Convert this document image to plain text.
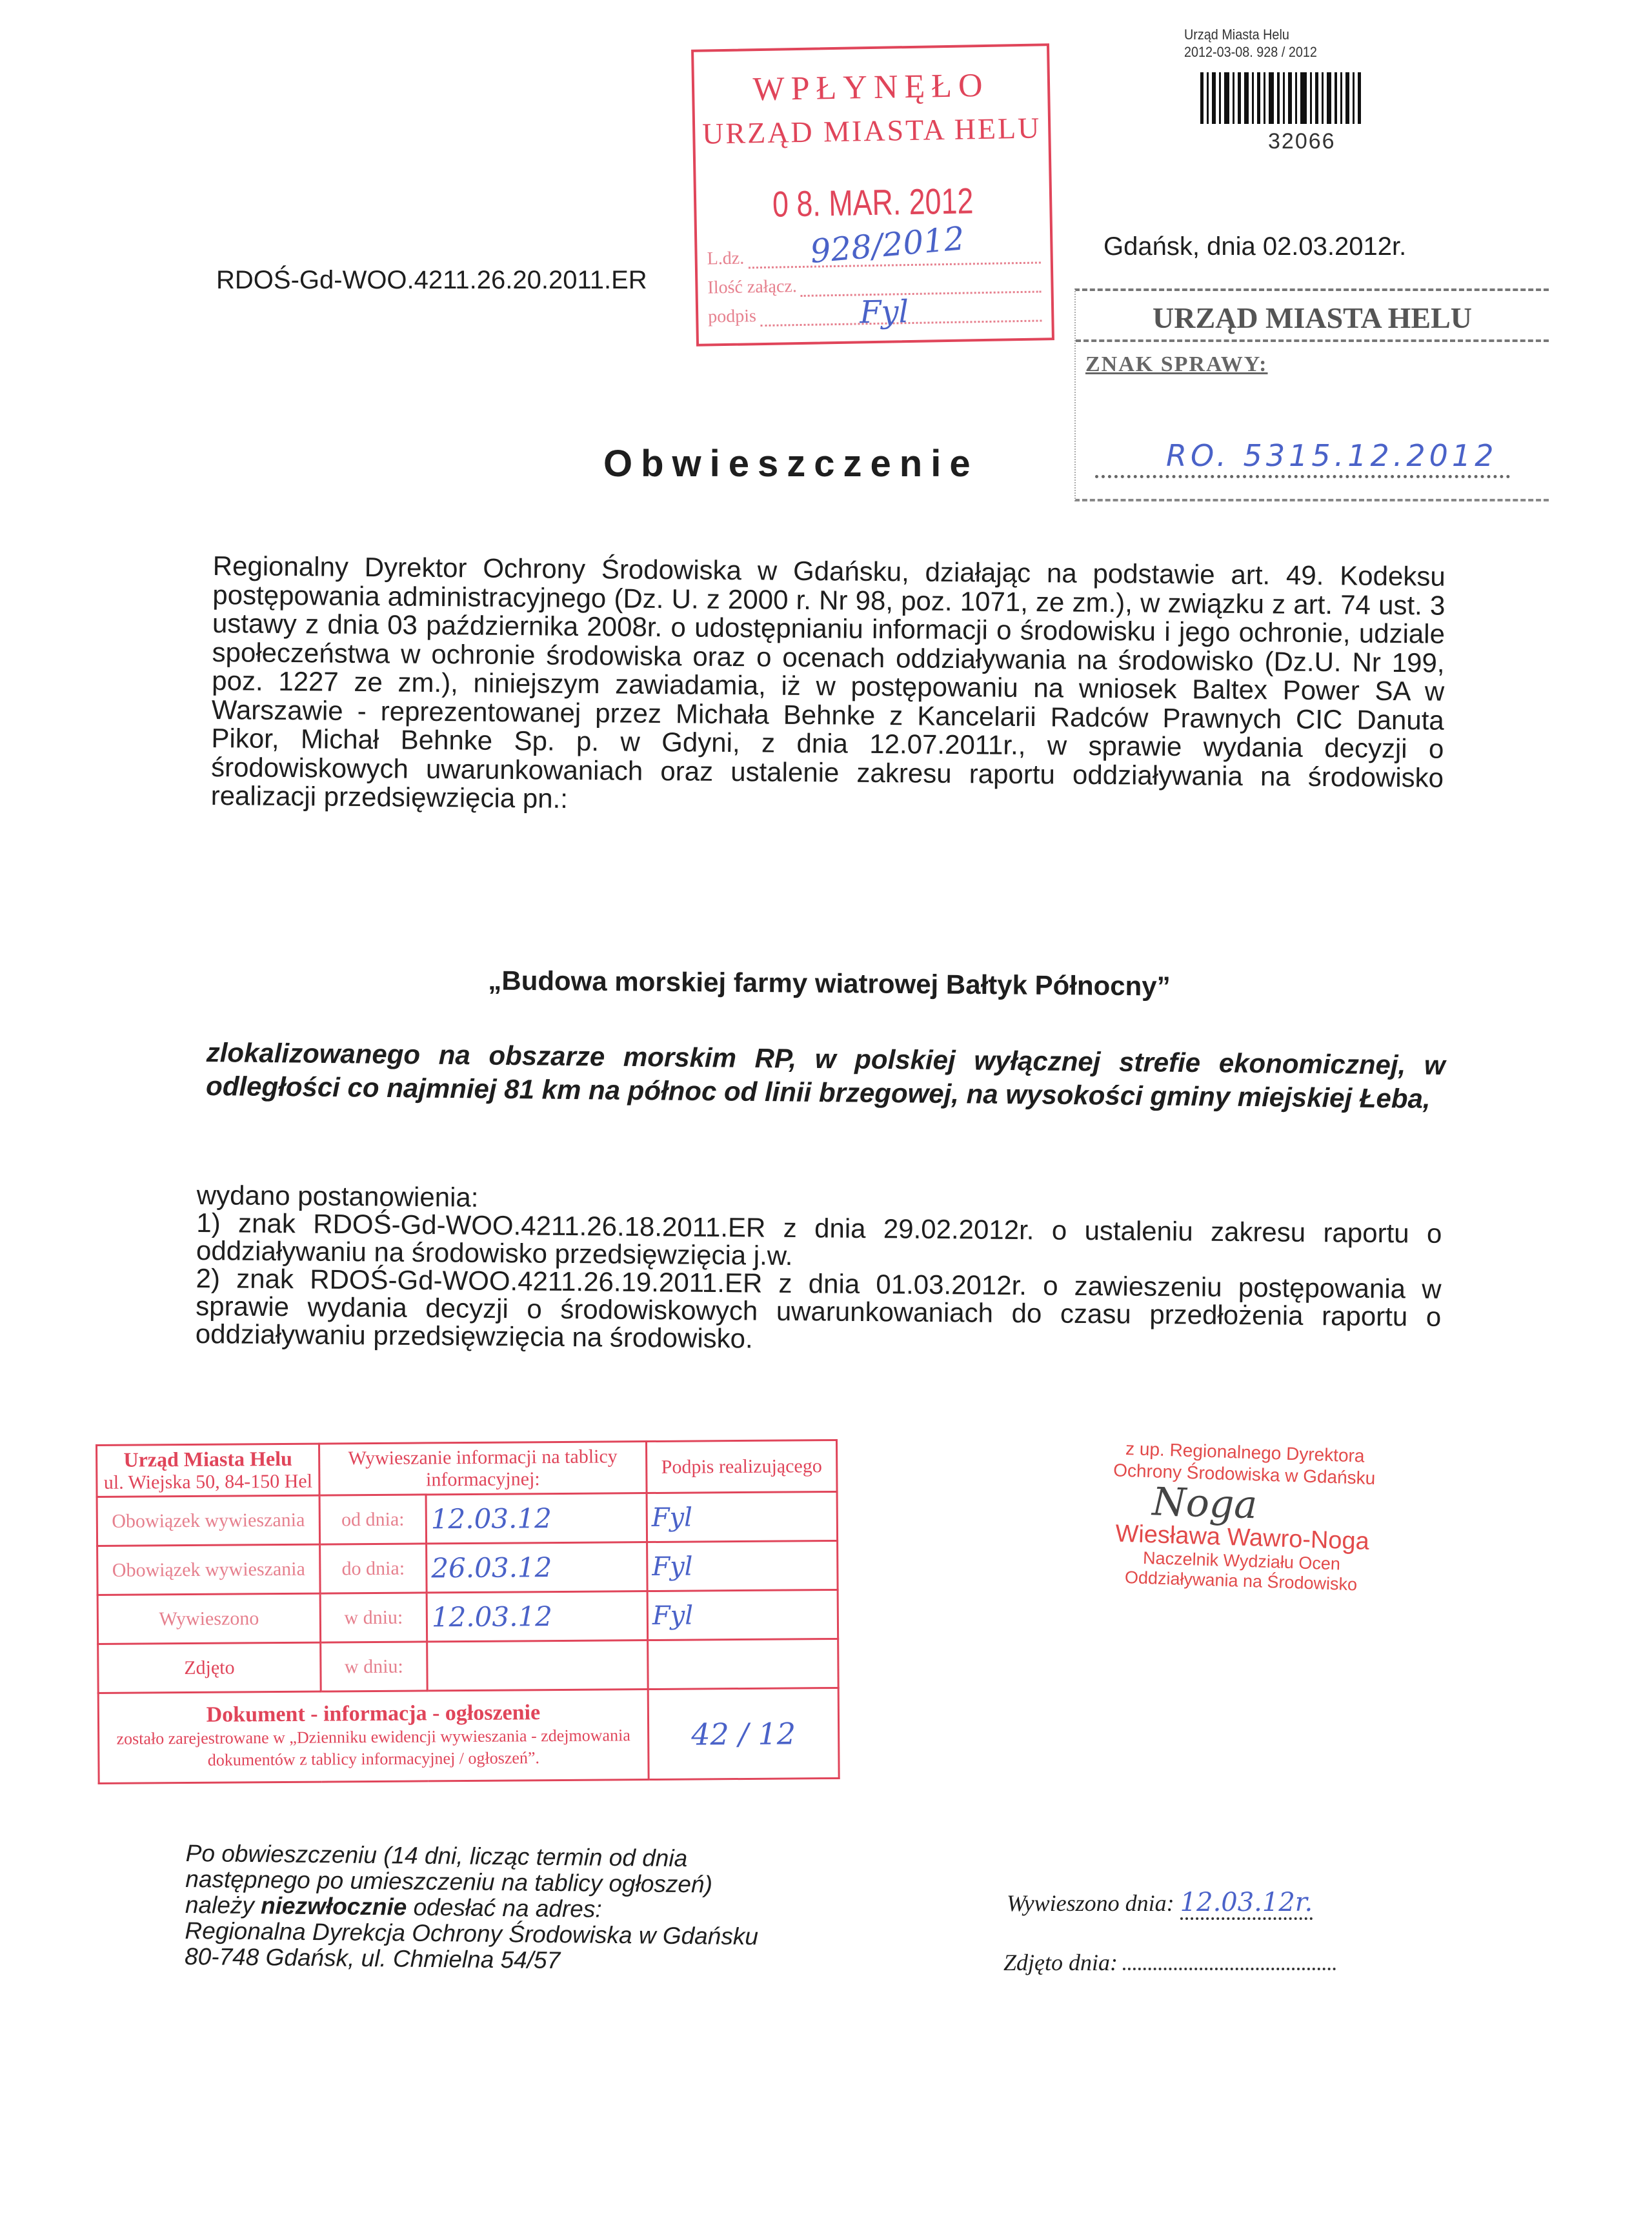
WPŁYNĘŁO
URZĄD MIASTA HELU
0 8. MAR. 2012
928/2012
L.dz.
Ilość załącz.
podpis	Fyl
Urząd Miasta Helu
2012-03-08. 928 / 2012
32066
Gdańsk, dnia 02.03.2012r.
RDOŚ-Gd-WOO.4211.26.20.2011.ER
URZĄD MIASTA HELU
ZNAK SPRAWY:
RO. 5315.12.2012
Obwieszczenie

Regionalny Dyrektor Ochrony Środowiska w Gdańsku, działając na podstawie art. 49. Kodeksu postępowania administracyjnego (Dz. U. z 2000 r. Nr 98, poz. 1071, ze zm.), w związku z art. 74 ust. 3 ustawy z dnia 03 października 2008r. o udostępnianiu informacji o środowisku i jego ochronie, udziale społeczeństwa w ochronie środowiska oraz o ocenach oddziaływania na środowisko (Dz.U. Nr 199, poz. 1227 ze zm.), niniejszym zawiadamia, iż w postępowaniu na wniosek Baltex Power SA w Warszawie - reprezentowanej przez Michała Behnke z Kancelarii Radców Prawnych CIC Danuta Pikor, Michał Behnke Sp. p. w Gdyni, z dnia 12.07.2011r., w sprawie wydania decyzji o środowiskowych uwarunkowaniach oraz ustalenie zakresu raportu oddziaływania na środowisko realizacji przedsięwzięcia pn.:

„Budowa morskiej farmy wiatrowej Bałtyk Północny”
zlokalizowanego na obszarze morskim RP, w polskiej wyłącznej strefie ekonomicznej, w odległości co najmniej 81 km na północ od linii brzegowej, na wysokości gminy miejskiej Łeba,

wydano postanowienia:

1) znak RDOŚ-Gd-WOO.4211.26.18.2011.ER z dnia 29.02.2012r. o ustaleniu zakresu raportu o oddziaływaniu na środowisko przedsięwzięcia j.w.

2) znak RDOŚ-Gd-WOO.4211.26.19.2011.ER z dnia 01.03.2012r. o zawieszeniu postępowania w sprawie wydania decyzji o środowiskowych uwarunkowaniach do czasu przedłożenia raportu o oddziaływaniu przedsięwzięcia na środowisko.

Urząd Miasta Helu
ul. Wiejska 50, 84-150 Hel	Wywieszanie informacji na tablicy informacyjnej:		Podpis realizującego
Obowiązek wywieszania	od dnia:	12.03.12	Fyl
Obowiązek wywieszania	do dnia:	26.03.12	Fyl
Wywieszono	w dniu:	12.03.12	Fyl
Zdjęto	w dniu:		
Dokument - informacja - ogłoszenie
zostało zarejestrowane w „Dzienniku ewidencji wywieszania - zdejmowania dokumentów z tablicy informacyjnej / ogłoszeń”.			42 / 12
z up. Regionalnego Dyrektora
Ochrony Środowiska w Gdańsku
Noga
Wiesława Wawro-Noga
Naczelnik Wydziału Ocen
Oddziaływania na Środowisko

Po obwieszczeniu (14 dni, licząc termin od dnia

następnego po umieszczeniu na tablicy ogłoszeń)

należy niezwłocznie odesłać na adres:

Regionalna Dyrekcja Ochrony Środowiska w Gdańsku

80-748 Gdańsk, ul. Chmielna 54/57

Wywieszono dnia: 12.03.12r.
Zdjęto dnia:
